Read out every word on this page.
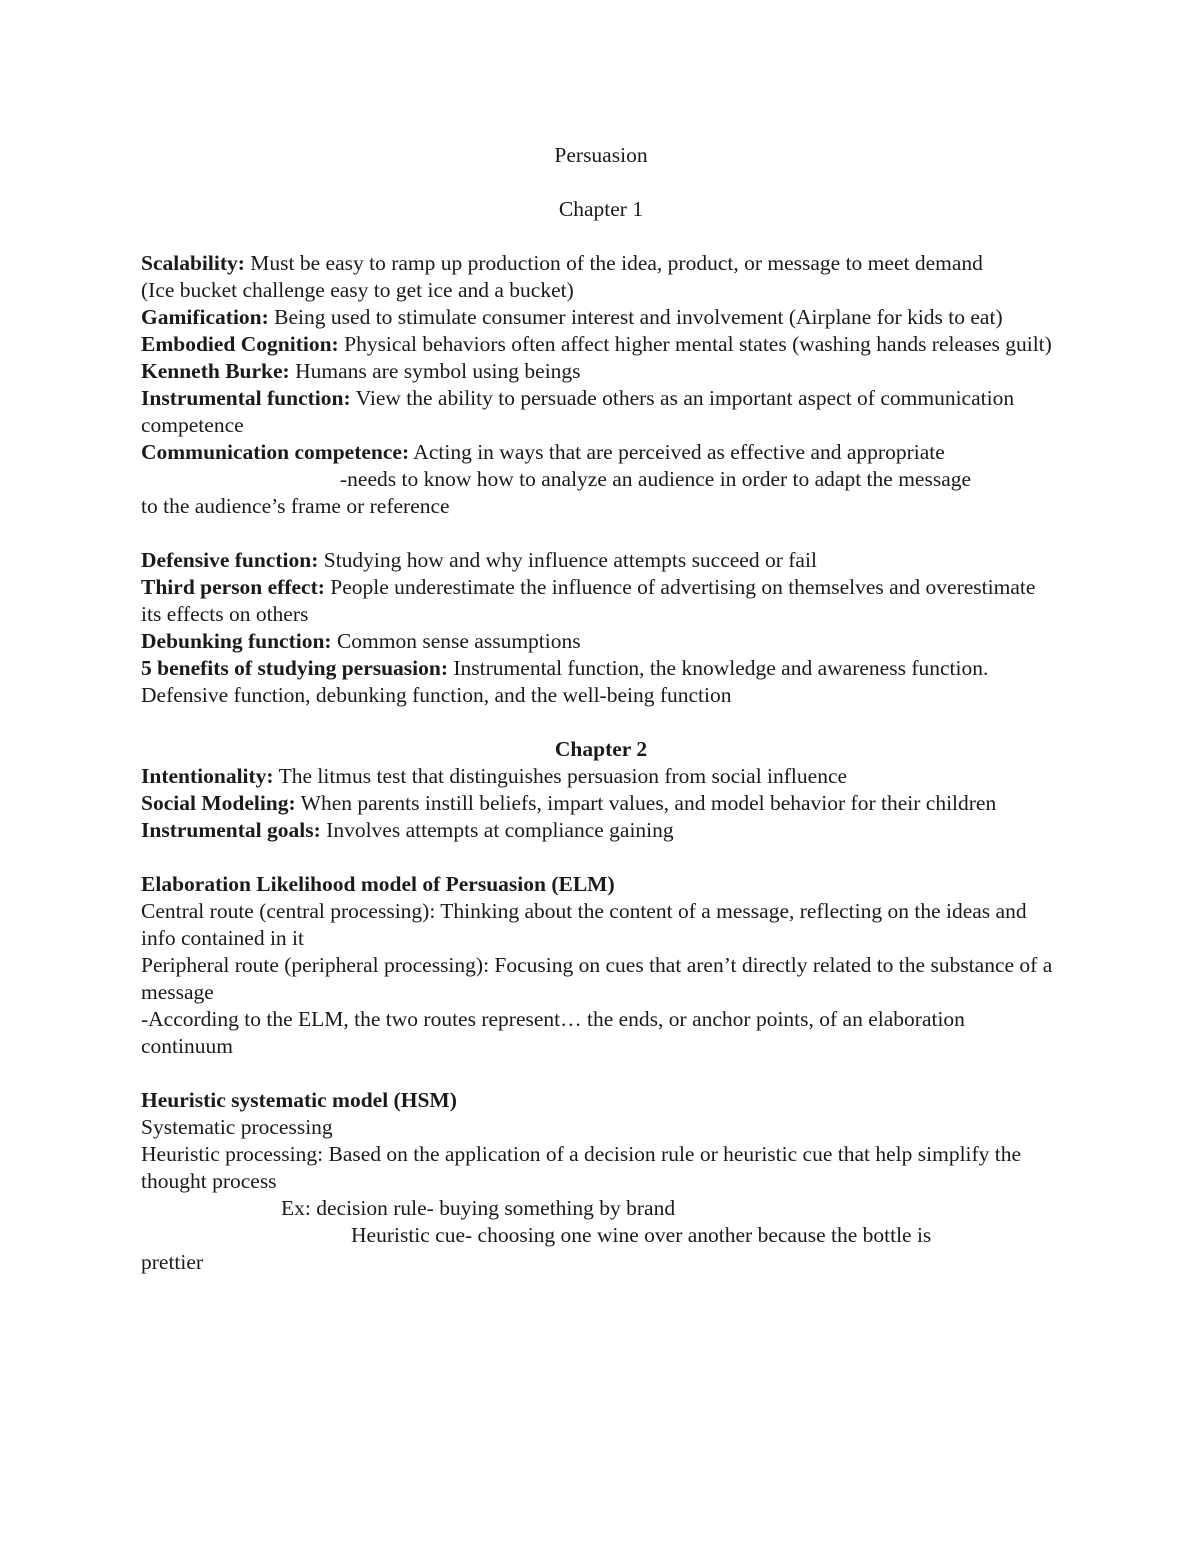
Persuasion

Chapter 1

Scalability: Must be easy to ramp up production of the idea, product, or message to meet demand

(Ice bucket challenge easy to get ice and a bucket)

Gamification: Being used to stimulate consumer interest and involvement (Airplane for kids to eat)

Embodied Cognition: Physical behaviors often affect higher mental states (washing hands releases guilt)

Kenneth Burke: Humans are symbol using beings

Instrumental function: View the ability to persuade others as an important aspect of communication competence

Communication competence: Acting in ways that are perceived as effective and appropriate

-needs to know how to analyze an audience in order to adapt the message

to the audience’s frame or reference

Defensive function: Studying how and why influence attempts succeed or fail

Third person effect: People underestimate the influence of advertising on themselves and overestimate its effects on others

Debunking function: Common sense assumptions

5 benefits of studying persuasion: Instrumental function, the knowledge and awareness function. Defensive function, debunking function, and the well-being function

Chapter 2

Intentionality: The litmus test that distinguishes persuasion from social influence

Social Modeling: When parents instill beliefs, impart values, and model behavior for their children

Instrumental goals: Involves attempts at compliance gaining

Elaboration Likelihood model of Persuasion (ELM)

Central route (central processing): Thinking about the content of a message, reflecting on the ideas and info contained in it

Peripheral route (peripheral processing): Focusing on cues that aren’t directly related to the substance of a message

-According to the ELM, the two routes represent… the ends, or anchor points, of an elaboration continuum

Heuristic systematic model (HSM)

Systematic processing

Heuristic processing: Based on the application of a decision rule or heuristic cue that help simplify the thought process

Ex: decision rule- buying something by brand

Heuristic cue- choosing one wine over another because the bottle is

prettier
